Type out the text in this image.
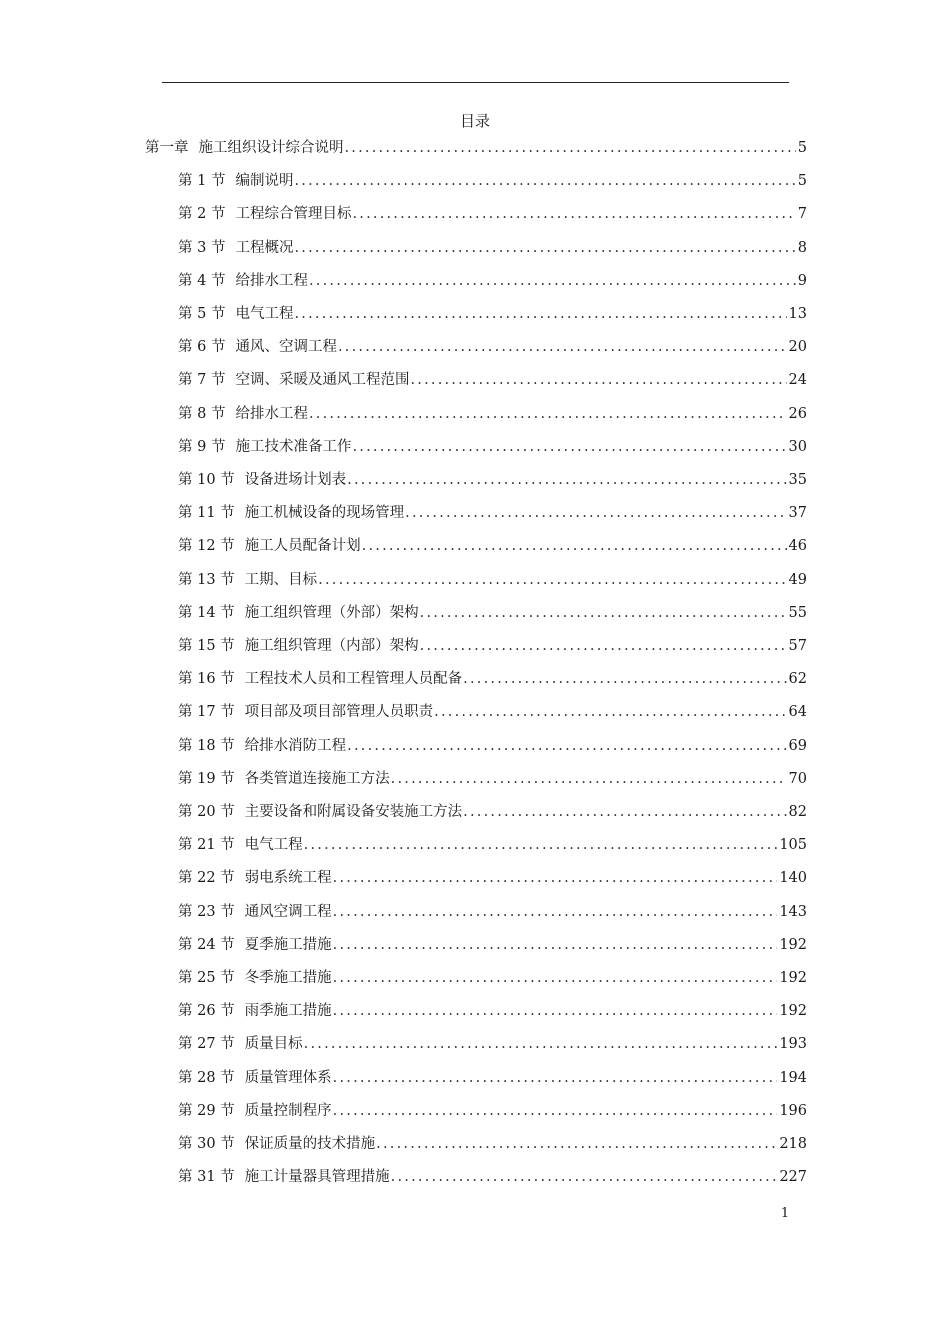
目录
第一章 施工组织设计综合说明 .....	5
第 1 节 编制说明 .....	5
第 2 节 工程综合管理目标 .....	7
第 3 节 工程概况 .....	8
第 4 节 给排水工程 .....	9
第 5 节 电气工程 .....	13
第 6 节 通风、空调工程 .....	20
第 7 节 空调、采暖及通风工程范围 .....	24
第 8 节 给排水工程 .....	26
第 9 节 施工技术准备工作 .....	30
第 10 节 设备进场计划表 .....	35
第 11 节 施工机械设备的现场管理 .....	37
第 12 节 施工人员配备计划 .....	46
第 13 节 工期、目标 .....	49
第 14 节 施工组织管理（外部）架构 .....	55
第 15 节 施工组织管理（内部）架构 .....	57
第 16 节 工程技术人员和工程管理人员配备 .....	62
第 17 节 项目部及项目部管理人员职责 .....	64
第 18 节 给排水消防工程 .....	69
第 19 节 各类管道连接施工方法 .....	70
第 20 节 主要设备和附属设备安装施工方法 .....	82
第 21 节 电气工程 .....	105
第 22 节 弱电系统工程 .....	140
第 23 节 通风空调工程 .....	143
第 24 节 夏季施工措施 .....	192
第 25 节 冬季施工措施 .....	192
第 26 节 雨季施工措施 .....	192
第 27 节 质量目标 .....	193
第 28 节 质量管理体系 .....	194
第 29 节 质量控制程序 .....	196
第 30 节 保证质量的技术措施 .....	218
第 31 节 施工计量器具管理措施 .....	227
1
